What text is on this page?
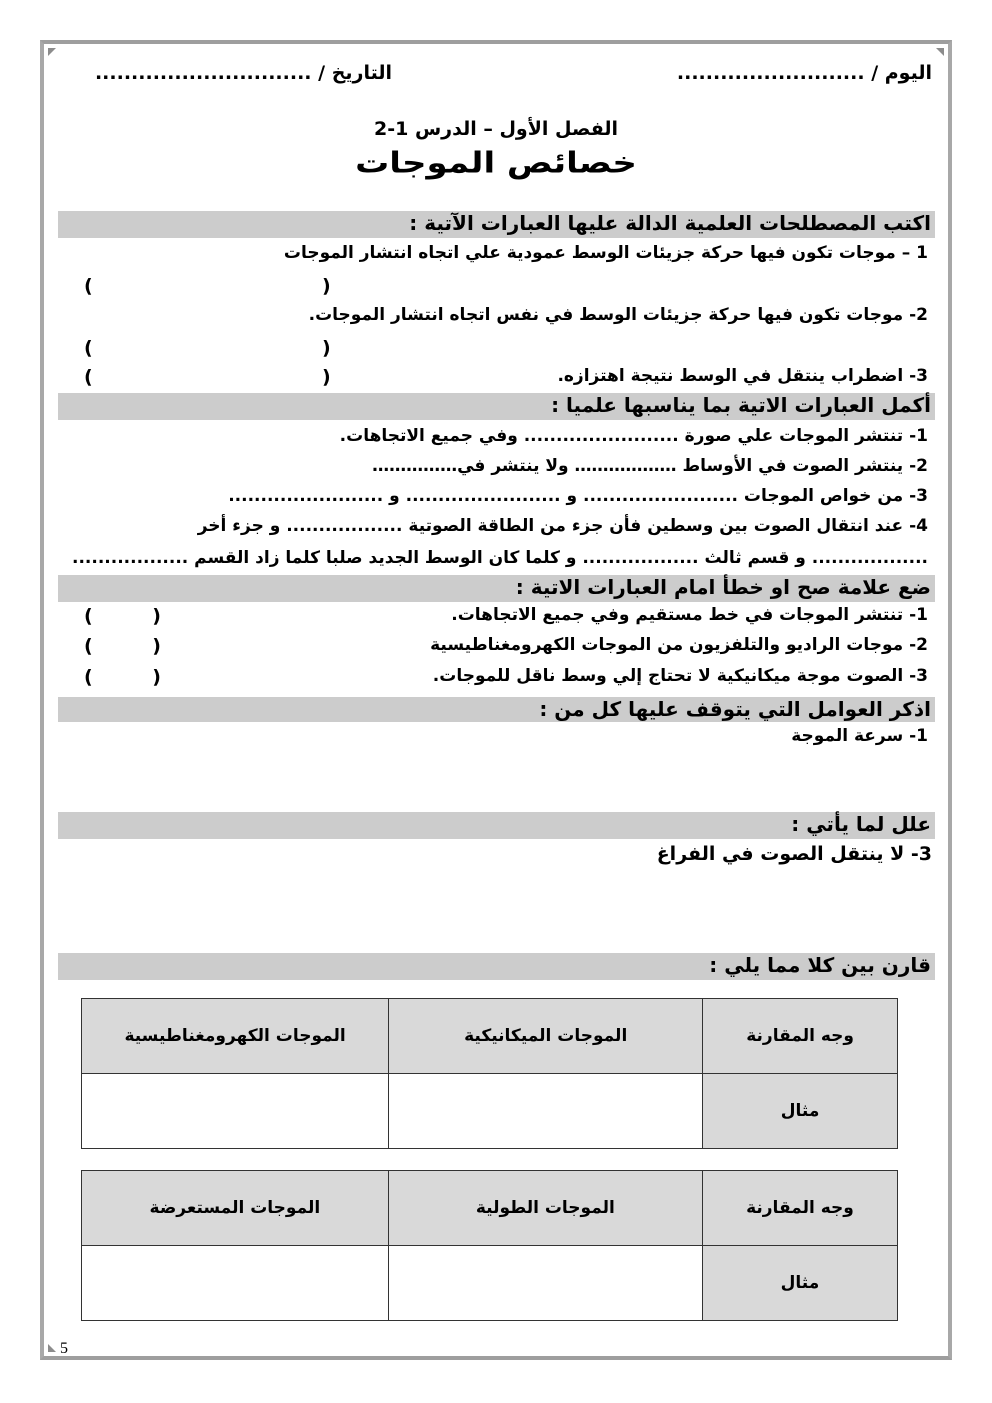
اليوم / ..........................
التاريخ / ..............................
الفصل الأول – الدرس 1-2
خصائص الموجات
اكتب المصطلحات العلمية الدالة عليها العبارات الآتية :
1 – موجات تكون فيها حركة جزيئات الوسط عمودية علي اتجاه انتشار الموجات
(	)
2- موجات تكون فيها حركة جزيئات الوسط في نفس اتجاه انتشار الموجات.
(	)
3- اضطراب ينتقل في الوسط نتيجة اهتزازه.
(	)
أكمل العبارات الاتية بما يناسبها علميا :
1- تنتشر الموجات علي صورة ........................ وفي جميع الاتجاهات.
2- ينتشر الصوت في الأوساط ……………… ولا ينتشر في……………
3- من خواص الموجات ........................ و ........................ و ........................
4- عند انتقال الصوت بين وسطين فأن جزء من الطاقة الصوتية .................. و جزء أخر
.................. و قسم ثالث .................. و كلما كان الوسط الجديد صلبا كلما زاد القسم ..................
ضع علامة صح او خطأ امام العبارات الاتية :
1- تنتشر الموجات في خط مستقيم وفي جميع الاتجاهات.
(         )
2- موجات الراديو والتلفزيون من الموجات الكهرومغناطيسية
(         )
3- الصوت موجة ميكانيكية لا تحتاج إلي وسط ناقل للموجات.
(         )
اذكر العوامل التي يتوقف عليها كل من :
1- سرعة الموجة
علل لما يأتي :
3- لا ينتقل الصوت في الفراغ
قارن بين كلا مما يلي :
وجه المقارنة	الموجات الميكانيكية	الموجات الكهرومغناطيسية
مثال		
وجه المقارنة	الموجات الطولية	الموجات المستعرضة
مثال		
5
